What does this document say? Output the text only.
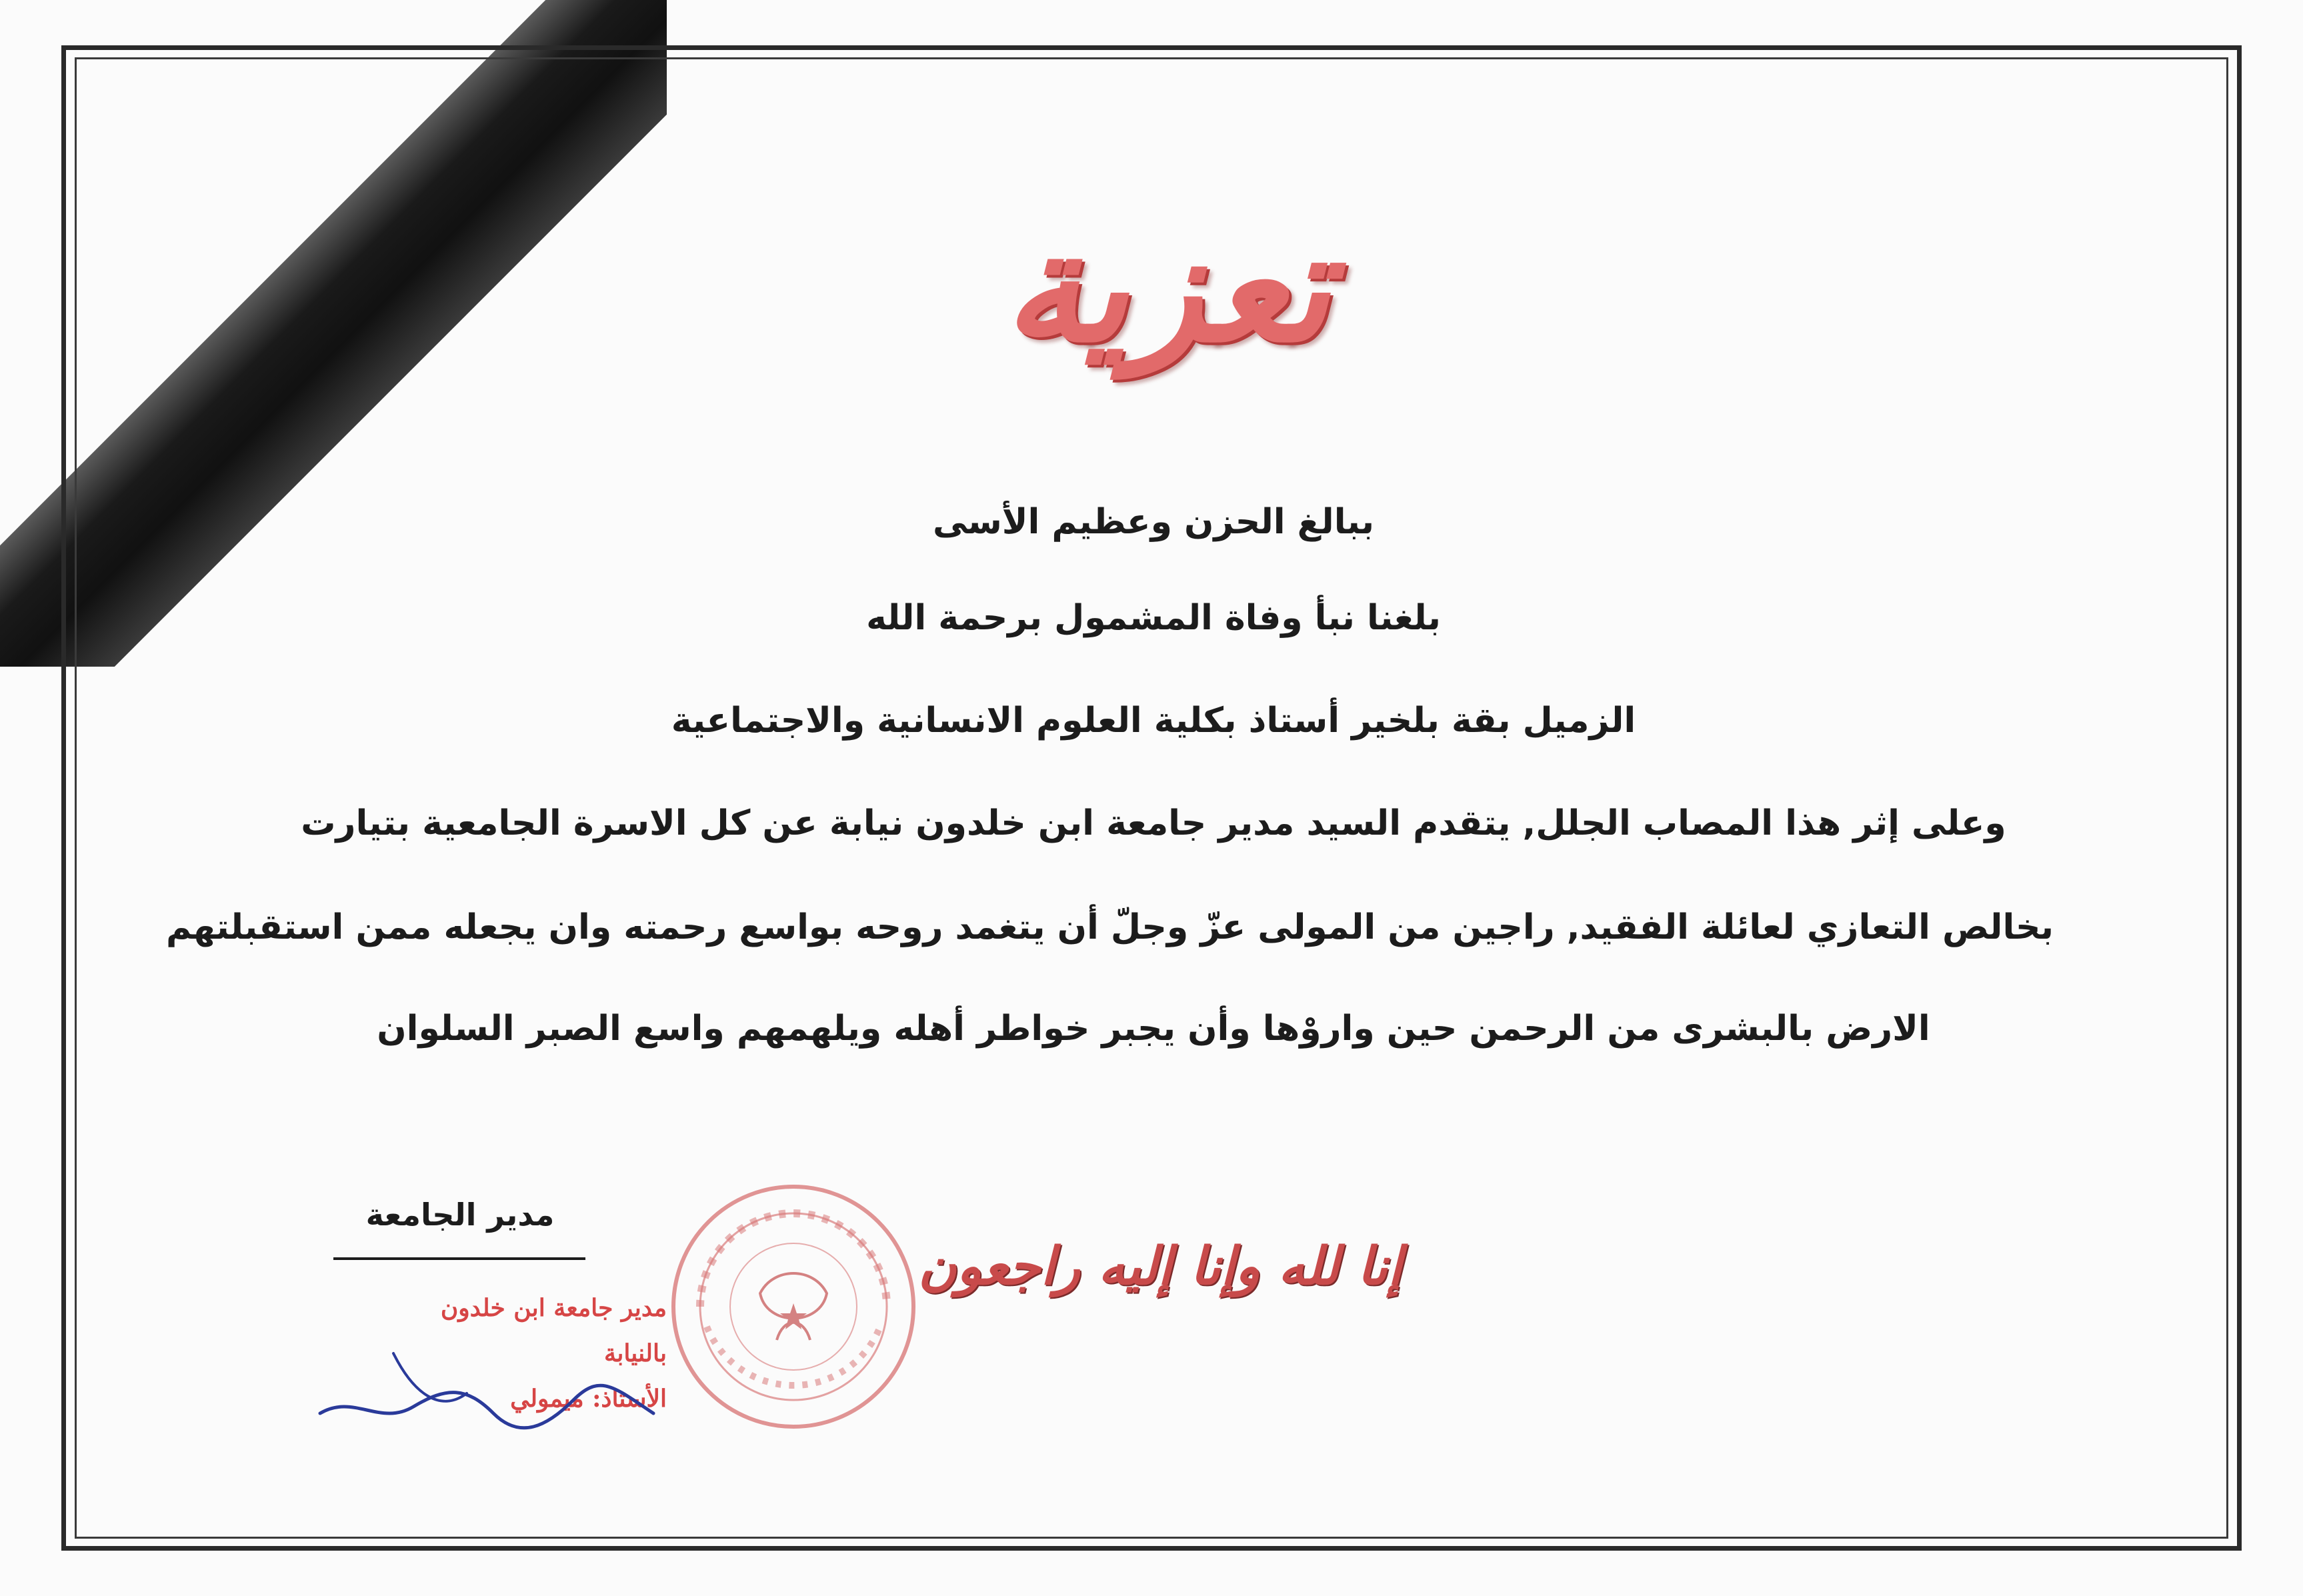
تعزية
ببالغ الحزن وعظيم الأسى
بلغنا نبأ وفاة المشمول برحمة الله
الزميل بقة بلخير أستاذ بكلية العلوم الانسانية والاجتماعية
وعلى إثر هذا المصاب الجلل, يتقدم السيد مدير جامعة ابن خلدون نيابة عن كل الاسرة الجامعية بتيارت
بخالص التعازي لعائلة الفقيد, راجين من المولى عزّ وجلّ أن يتغمد روحه بواسع رحمته وان يجعله ممن استقبلتهم
الارض بالبشرى من الرحمن حين واروْها وأن يجبر خواطر أهله ويلهمهم واسع الصبر السلوان
مدير الجامعة
مدير جامعة ابن خلدون
بالنيابة
الأستاذ: ميمولي
إنا لله وإنا إليه راجعون
